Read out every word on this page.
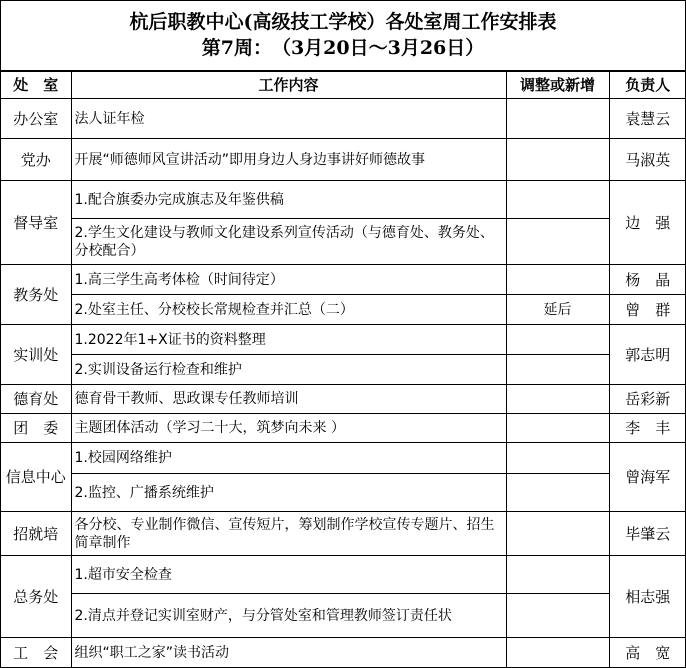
杭后职教中心(高级技工学校）各处室周工作安排表
第7周：　（3月20日～3月26日）
处　室	工作内容	调整或新增	负责人
办公室	法人证年检		袁慧云
党办	开展“师德师风宣讲活动”即用身边人身边事讲好师德故事		马淑英
督导室	1.配合旗委办完成旗志及年鉴供稿		边　强
	2.学生文化建设与教师文化建设系列宣传活动（与德育处、教务处、分校配合）		
教务处	1.高三学生高考体检（时间待定）		杨　晶
	2.处室主任、分校校长常规检查并汇总（二）	延后	曾　群
实训处	1.2022年1+X证书的资料整理		郭志明
	2.实训设备运行检查和维护		
德育处	德育骨干教师、思政课专任教师培训		岳彩新
团　委	主题团体活动（学习二十大，筑梦向未来 ）		李　丰
信息中心	1.校园网络维护		曾海军
	2.监控、广播系统维护		
招就培	各分校、专业制作微信、宣传短片，筹划制作学校宣传专题片、招生简章制作		毕肇云
总务处	1.超市安全检查		相志强
	2.清点并登记实训室财产，与分管处室和管理教师签订责任状		
工　会	组织“职工之家”读书活动		高　宽
